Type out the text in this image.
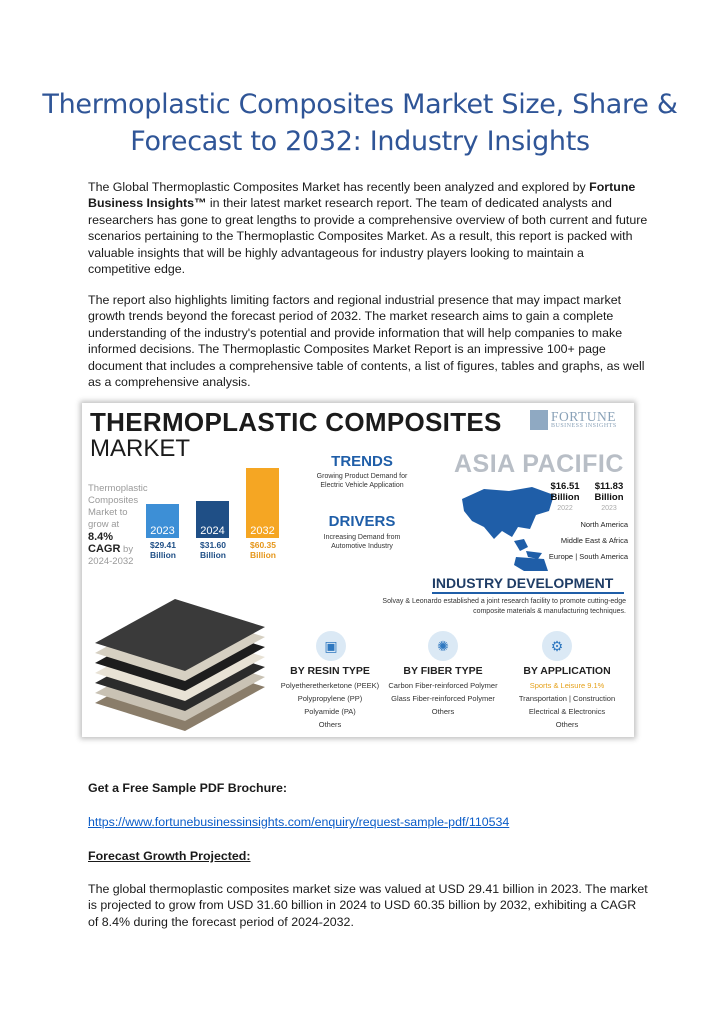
Thermoplastic Composites Market Size, Share &
Forecast to 2032: Industry Insights

The Global Thermoplastic Composites Market has recently been analyzed and explored by Fortune Business Insights™ in their latest market research report. The team of dedicated analysts and researchers has gone to great lengths to provide a comprehensive overview of both current and future scenarios pertaining to the Thermoplastic Composites Market. As a result, this report is packed with valuable insights that will be highly advantageous for industry players looking to maintain a competitive edge.

The report also highlights limiting factors and regional industrial presence that may impact market growth trends beyond the forecast period of 2032. The market research aims to gain a complete understanding of the industry's potential and provide information that will help companies to make informed decisions. The Thermoplastic Composites Market Report is an impressive 100+ page document that includes a comprehensive table of contents, a list of figures, tables and graphs, as well as a comprehensive analysis.

THERMOPLASTIC COMPOSITES
MARKET
FORTUNE
BUSINESS INSIGHTS
Thermoplastic
Composites
Market to
grow at
8.4%
CAGR by
2024-2032
2023
$29.41
Billion
2024
$31.60
Billion
2032
$60.35
Billion
TRENDS
Growing Product Demand for
Electric Vehicle Application
DRIVERS
Increasing Demand from
Automotive Industry
ASIA PACIFIC
$16.51
Billion
2022
$11.83
Billion
2023
North America
Middle East & Africa
Europe | South America
INDUSTRY DEVELOPMENT
Solvay & Leonardo established a joint research facility to promote cutting-edge
composite materials & manufacturing techniques.
▣
BY RESIN TYPE
Polyetheretherketone (PEEK)
Polypropylene (PP)
Polyamide (PA)
Others
✺
BY FIBER TYPE
Carbon Fiber-reinforced Polymer
Glass Fiber-reinforced Polymer
Others
⚙
BY APPLICATION
Sports & Leisure 9.1%
Transportation | Construction
Electrical & Electronics
Others

Get a Free Sample PDF Brochure:

https://www.fortunebusinessinsights.com/enquiry/request-sample-pdf/110534

Forecast Growth Projected:

The global thermoplastic composites market size was valued at USD 29.41 billion in 2023. The market is projected to grow from USD 31.60 billion in 2024 to USD 60.35 billion by 2032, exhibiting a CAGR of 8.4% during the forecast period of 2024-2032.
